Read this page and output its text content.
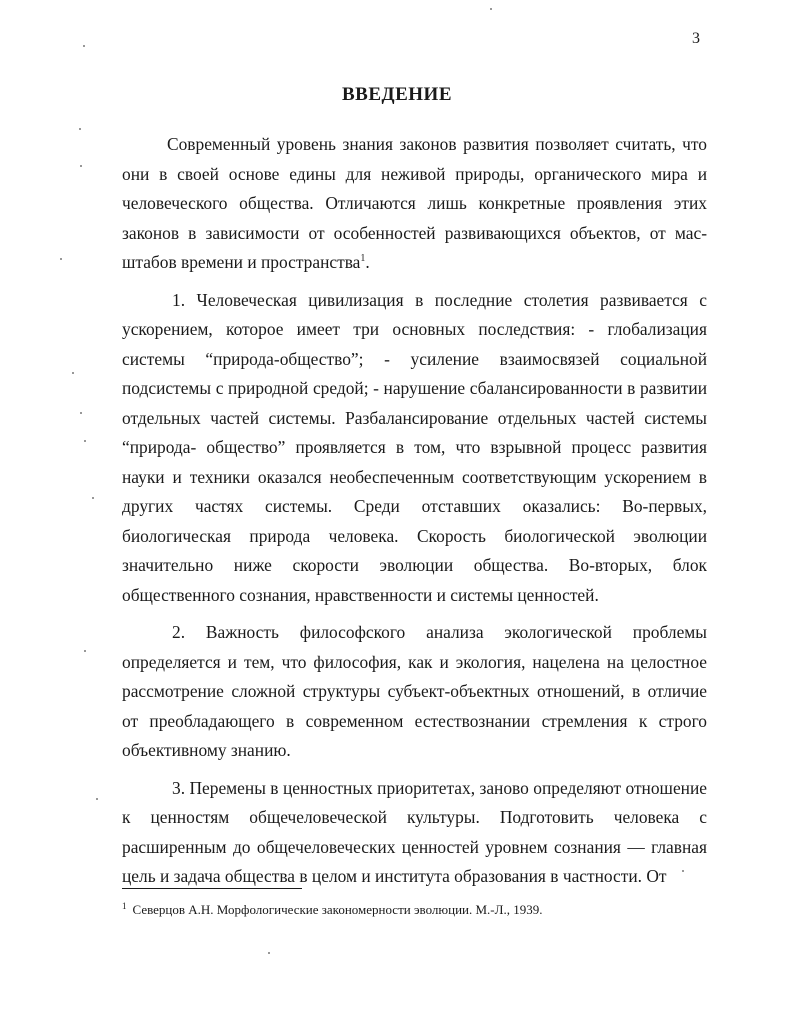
3
ВВЕДЕНИЕ

Современный уровень знания законов развития позволяет считать, что они в своей основе едины для неживой природы, органического мира и человеческого общества. Отличаются лишь конкретные проявления этих законов в зависимости от особенностей развивающихся объектов, от масштабов времени и пространства$^1$.

1. Человеческая цивилизация в последние столетия развивается с ускорением, которое имеет три основных последствия: - глобализация системы “природа-общество”; - усиление взаимосвязей социальной подсистемы с природной средой; - нарушение сбалансированности в развитии отдельных частей системы. Разбалансирование отдельных частей системы “природа- общество” проявляется в том, что взрывной процесс развития науки и техники оказался необеспеченным соответствующим ускорением в других частях системы. Среди отставших оказались: Во-первых, биологическая природа человека. Скорость биологической эволюции значительно ниже скорости эволюции общества. Во-вторых, блок общественного сознания, нравственности и системы ценностей.

2. Важность философского анализа экологической проблемы определяется и тем, что философия, как и экология, нацелена на целостное рассмотрение сложной структуры субъект-объектных отношений, в отличие от преобладающего в современном естествознании стремления к строго объективному знанию.

3. Перемены в ценностных приоритетах, заново определяют отношение к ценностям общечеловеческой культуры. Подготовить человека с расширенным до общечеловеческих ценностей уровнем сознания — главная цель и задача общества в целом и института образования в частности. От

$^1$ Северцов А.Н. Морфологические закономерности эволюции. М.-Л., 1939.
